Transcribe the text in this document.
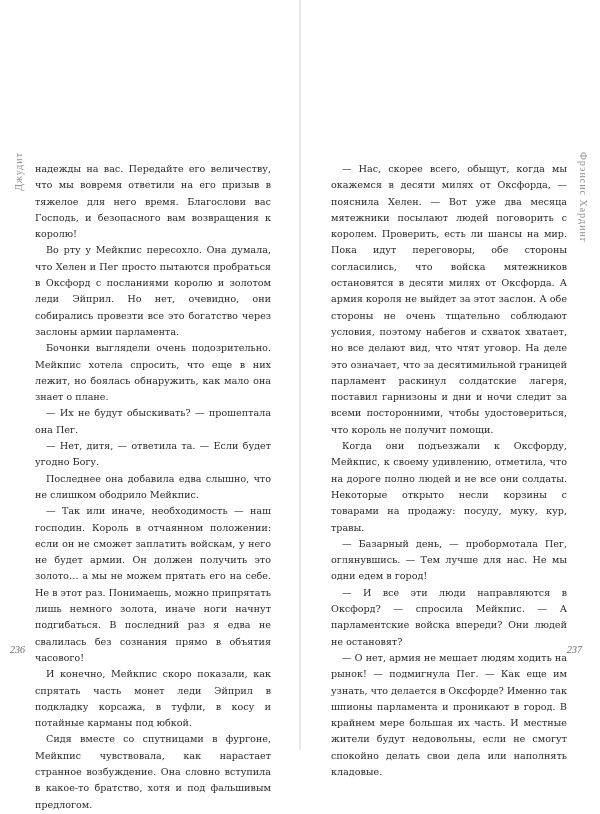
Джудит надежды на вас. Передайте его величеству, что мы вовремя ответили на его призыв в тяжелое для него время. Благослови вас Господь, и безопасного вам возвращения к королю!

Во рту у Мейкпис пересохло. Она думала, что Хелен и Пег просто пытаются пробраться в Оксфорд с посланиями королю и золотом леди Эйприл. Но нет, очевидно, они собирались провезти все это богатство через заслоны армии парламента.

Бочонки выглядели очень подозрительно. Мейкпис хотела спросить, что еще в них лежит, но боялась обнаружить, как мало она знает о плане.

— Их не будут обыскивать? — прошептала она Пег.

— Нет, дитя, — ответила та. — Если будет угодно Богу.

Последнее она добавила едва слышно, что не слишком ободрило Мейкпис.

— Так или иначе, необходимость — наш господин. Король в отчаянном положении: если он не сможет заплатить войскам, у него не будет армии. Он должен получить это золото… а мы не можем прятать его на себе. Не в этот раз. Понимаешь, можно припрятать лишь немного золота, иначе ноги начнут подгибаться. В последний раз я едва не свалилась без сознания прямо в объятия часового!

И конечно, Мейкпис скоро показали, как спрятать часть монет леди Эйприл в подкладку корсажа, в туфли, в косу и потайные карманы под юбкой.

Сидя вместе со спутницами в фургоне, Мейкпис чувствовала, как нарастает странное возбуждение. Она словно вступила в какое-то братство, хотя и под фальшивым предлогом.

236
Фрэнсис Хардинг

— Нас, скорее всего, обыщут, когда мы окажемся в десяти милях от Оксфорда, — пояснила Хелен. — Вот уже два месяца мятежники посылают людей поговорить с королем. Проверить, есть ли шансы на мир. Пока идут переговоры, обе стороны согласились, что войска мятежников остановятся в десяти милях от Оксфорда. А армия короля не выйдет за этот заслон. А обе стороны не очень тщательно соблюдают условия, поэтому набегов и схваток хватает, но все делают вид, что чтят уговор. На деле это означает, что за десятимильной границей парламент раскинул солдатские лагеря, поставил гарнизоны и дни и ночи следит за всеми посторонними, чтобы удостовериться, что король не получит помощи.

Когда они подъезжали к Оксфорду, Мейкпис, к своему удивлению, отметила, что на дороге полно людей и не все они солдаты. Некоторые открыто несли корзины с товарами на продажу: посуду, муку, кур, травы.

— Базарный день, — пробормотала Пег, оглянувшись. — Тем лучше для нас. Не мы одни едем в город!

— И все эти люди направляются в Оксфорд? — спросила Мейкпис. — А парламентские войска впереди? Они людей не остановят?

— О нет, армия не мешает людям ходить на рынок! — подмигнула Пег. — Как еще им узнать, что делается в Оксфорде? Именно так шпионы парламента и проникают в город. В крайнем мере большая их часть. И местные жители будут недовольны, если не смогут спокойно делать свои дела или наполнять кладовые.

237
